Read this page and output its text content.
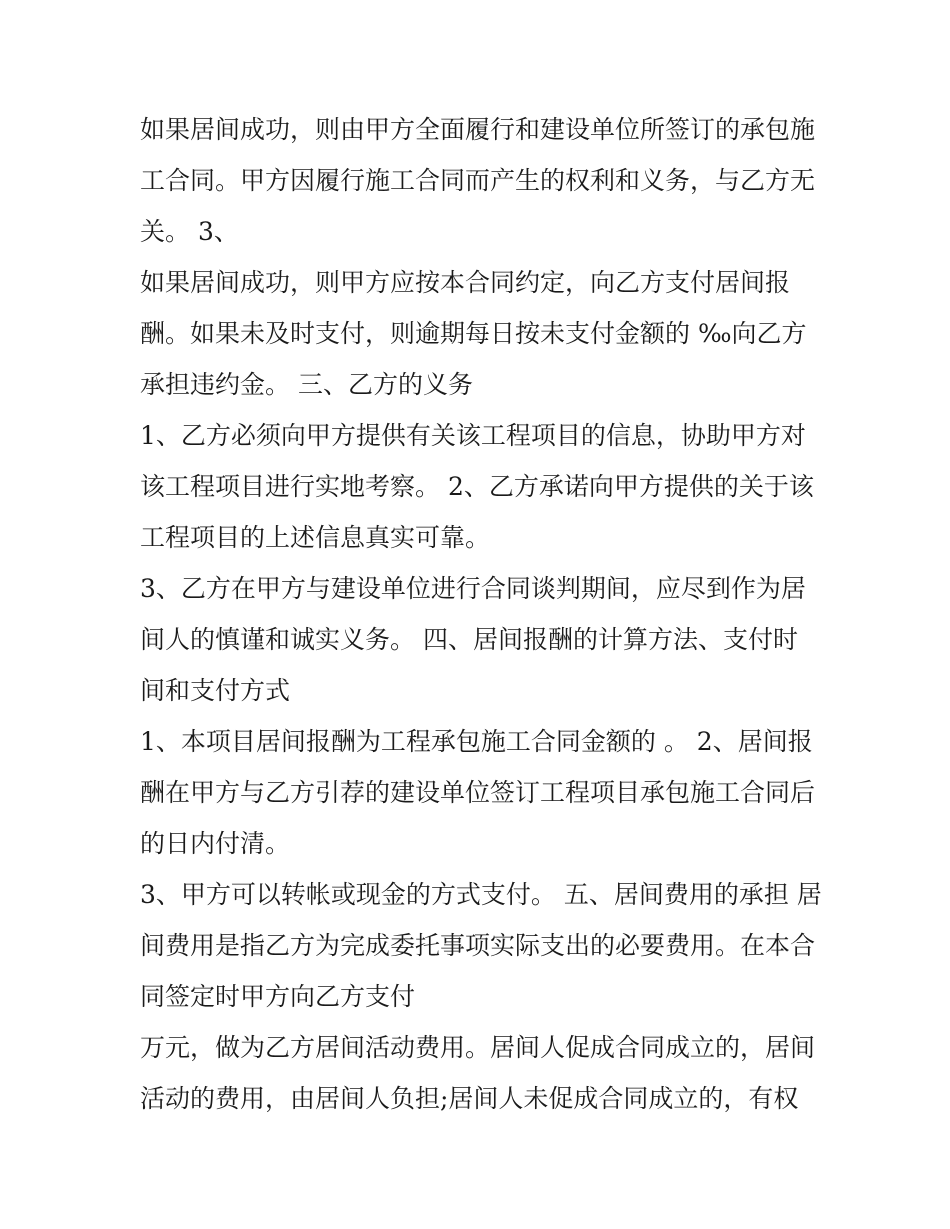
如果居间成功，则由甲方全面履行和建设单位所签订的承包施
工合同。甲方因履行施工合同而产生的权利和义务，与乙方无
关。 3、
如果居间成功，则甲方应按本合同约定，向乙方支付居间报
酬。如果未及时支付，则逾期每日按未支付金额的 ‰向乙方
承担违约金。 三、乙方的义务
1、乙方必须向甲方提供有关该工程项目的信息，协助甲方对
该工程项目进行实地考察。 2、乙方承诺向甲方提供的关于该
工程项目的上述信息真实可靠。
3、乙方在甲方与建设单位进行合同谈判期间，应尽到作为居
间人的慎谨和诚实义务。 四、居间报酬的计算方法、支付时
间和支付方式
1、本项目居间报酬为工程承包施工合同金额的 。 2、居间报
酬在甲方与乙方引荐的建设单位签订工程项目承包施工合同后
的日内付清。
3、甲方可以转帐或现金的方式支付。 五、居间费用的承担 居
间费用是指乙方为完成委托事项实际支出的必要费用。在本合
同签定时甲方向乙方支付
万元，做为乙方居间活动费用。居间人促成合同成立的，居间
活动的费用，由居间人负担;居间人未促成合同成立的，有权
